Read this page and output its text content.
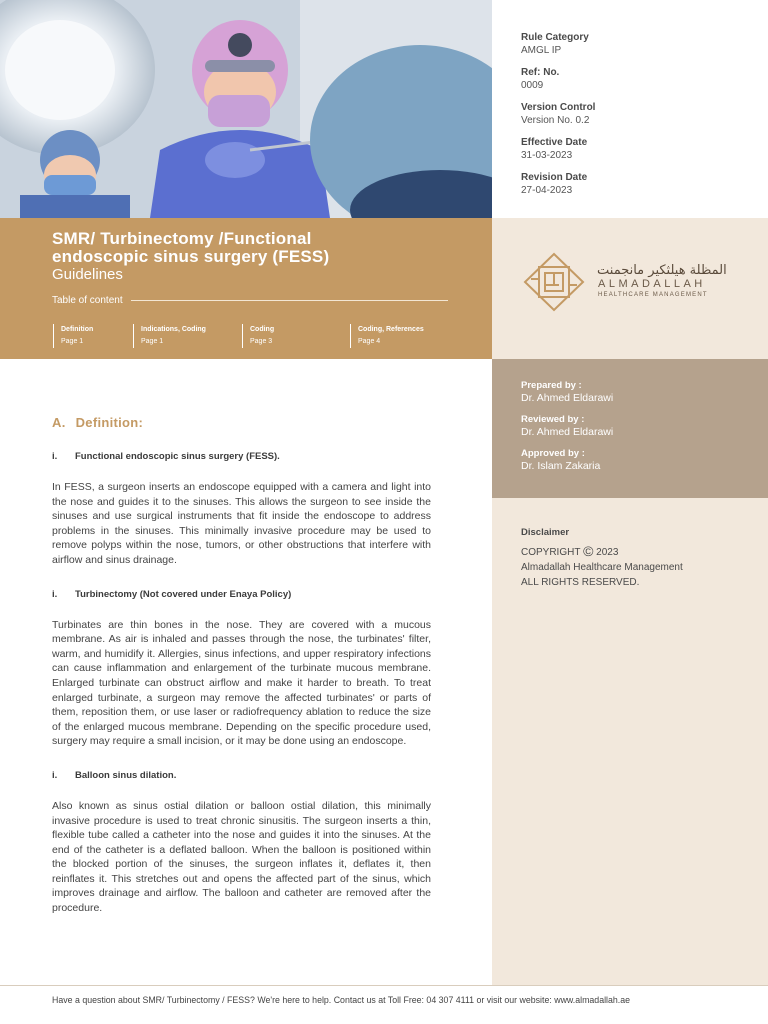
Rule Category
AMGL IP
Ref: No.
0009
Version Control
Version No. 0.2
Effective Date
31-03-2023
Revision Date
27-04-2023
SMR/ Turbinectomy /Functional
endoscopic sinus surgery (FESS)
Guidelines
Table of content
Definition
Page 1
Indications, Coding
Page 1
Coding
Page 3
Coding, References
Page 4
المظلة هيلثكير مانجمنت
ALMADALLAH
HEALTHCARE MANAGEMENT
Prepared by :
Dr. Ahmed Eldarawi
Reviewed by :
Dr. Ahmed Eldarawi
Approved by :
Dr. Islam Zakaria
Disclaimer
COPYRIGHT © 2023
Almadallah Healthcare Management
ALL RIGHTS RESERVED.
A. Definition:
i.	Functional endoscopic sinus surgery (FESS).

In FESS, a surgeon inserts an endoscope equipped with a camera and light into the nose and guides it to the sinuses. This allows the surgeon to see inside the sinuses and use surgical instruments that fit inside the endoscope to address problems in the sinuses. This minimally invasive procedure may be used to remove polyps within the nose, tumors, or other obstructions that interfere with airflow and sinus drainage.

i.	Turbinectomy (Not covered under Enaya Policy)

Turbinates are thin bones in the nose. They are covered with a mucous membrane. As air is inhaled and passes through the nose, the turbinates' filter, warm, and humidify it. Allergies, sinus infections, and upper respiratory infections can cause inflammation and enlargement of the turbinate mucous membrane. Enlarged turbinate can obstruct airflow and make it harder to breath. To treat enlarged turbinate, a surgeon may remove the affected turbinates' or parts of them, reposition them, or use laser or radiofrequency ablation to reduce the size of the enlarged mucous membrane. Depending on the specific procedure used, surgery may require a small incision, or it may be done using an endoscope.

i.	Balloon sinus dilation.

Also known as sinus ostial dilation or balloon ostial dilation, this minimally invasive procedure is used to treat chronic sinusitis. The surgeon inserts a thin, flexible tube called a catheter into the nose and guides it into the sinuses. At the end of the catheter is a deflated balloon. When the balloon is positioned within the blocked portion of the sinuses, the surgeon inflates it, deflates it, then reinflates it. This stretches out and opens the affected part of the sinus, which improves drainage and airflow. The balloon and catheter are removed after the procedure.

Have a question about SMR/ Turbinectomy / FESS? We're here to help. Contact us at Toll Free: 04 307 4111 or visit our website: www.almadallah.ae
